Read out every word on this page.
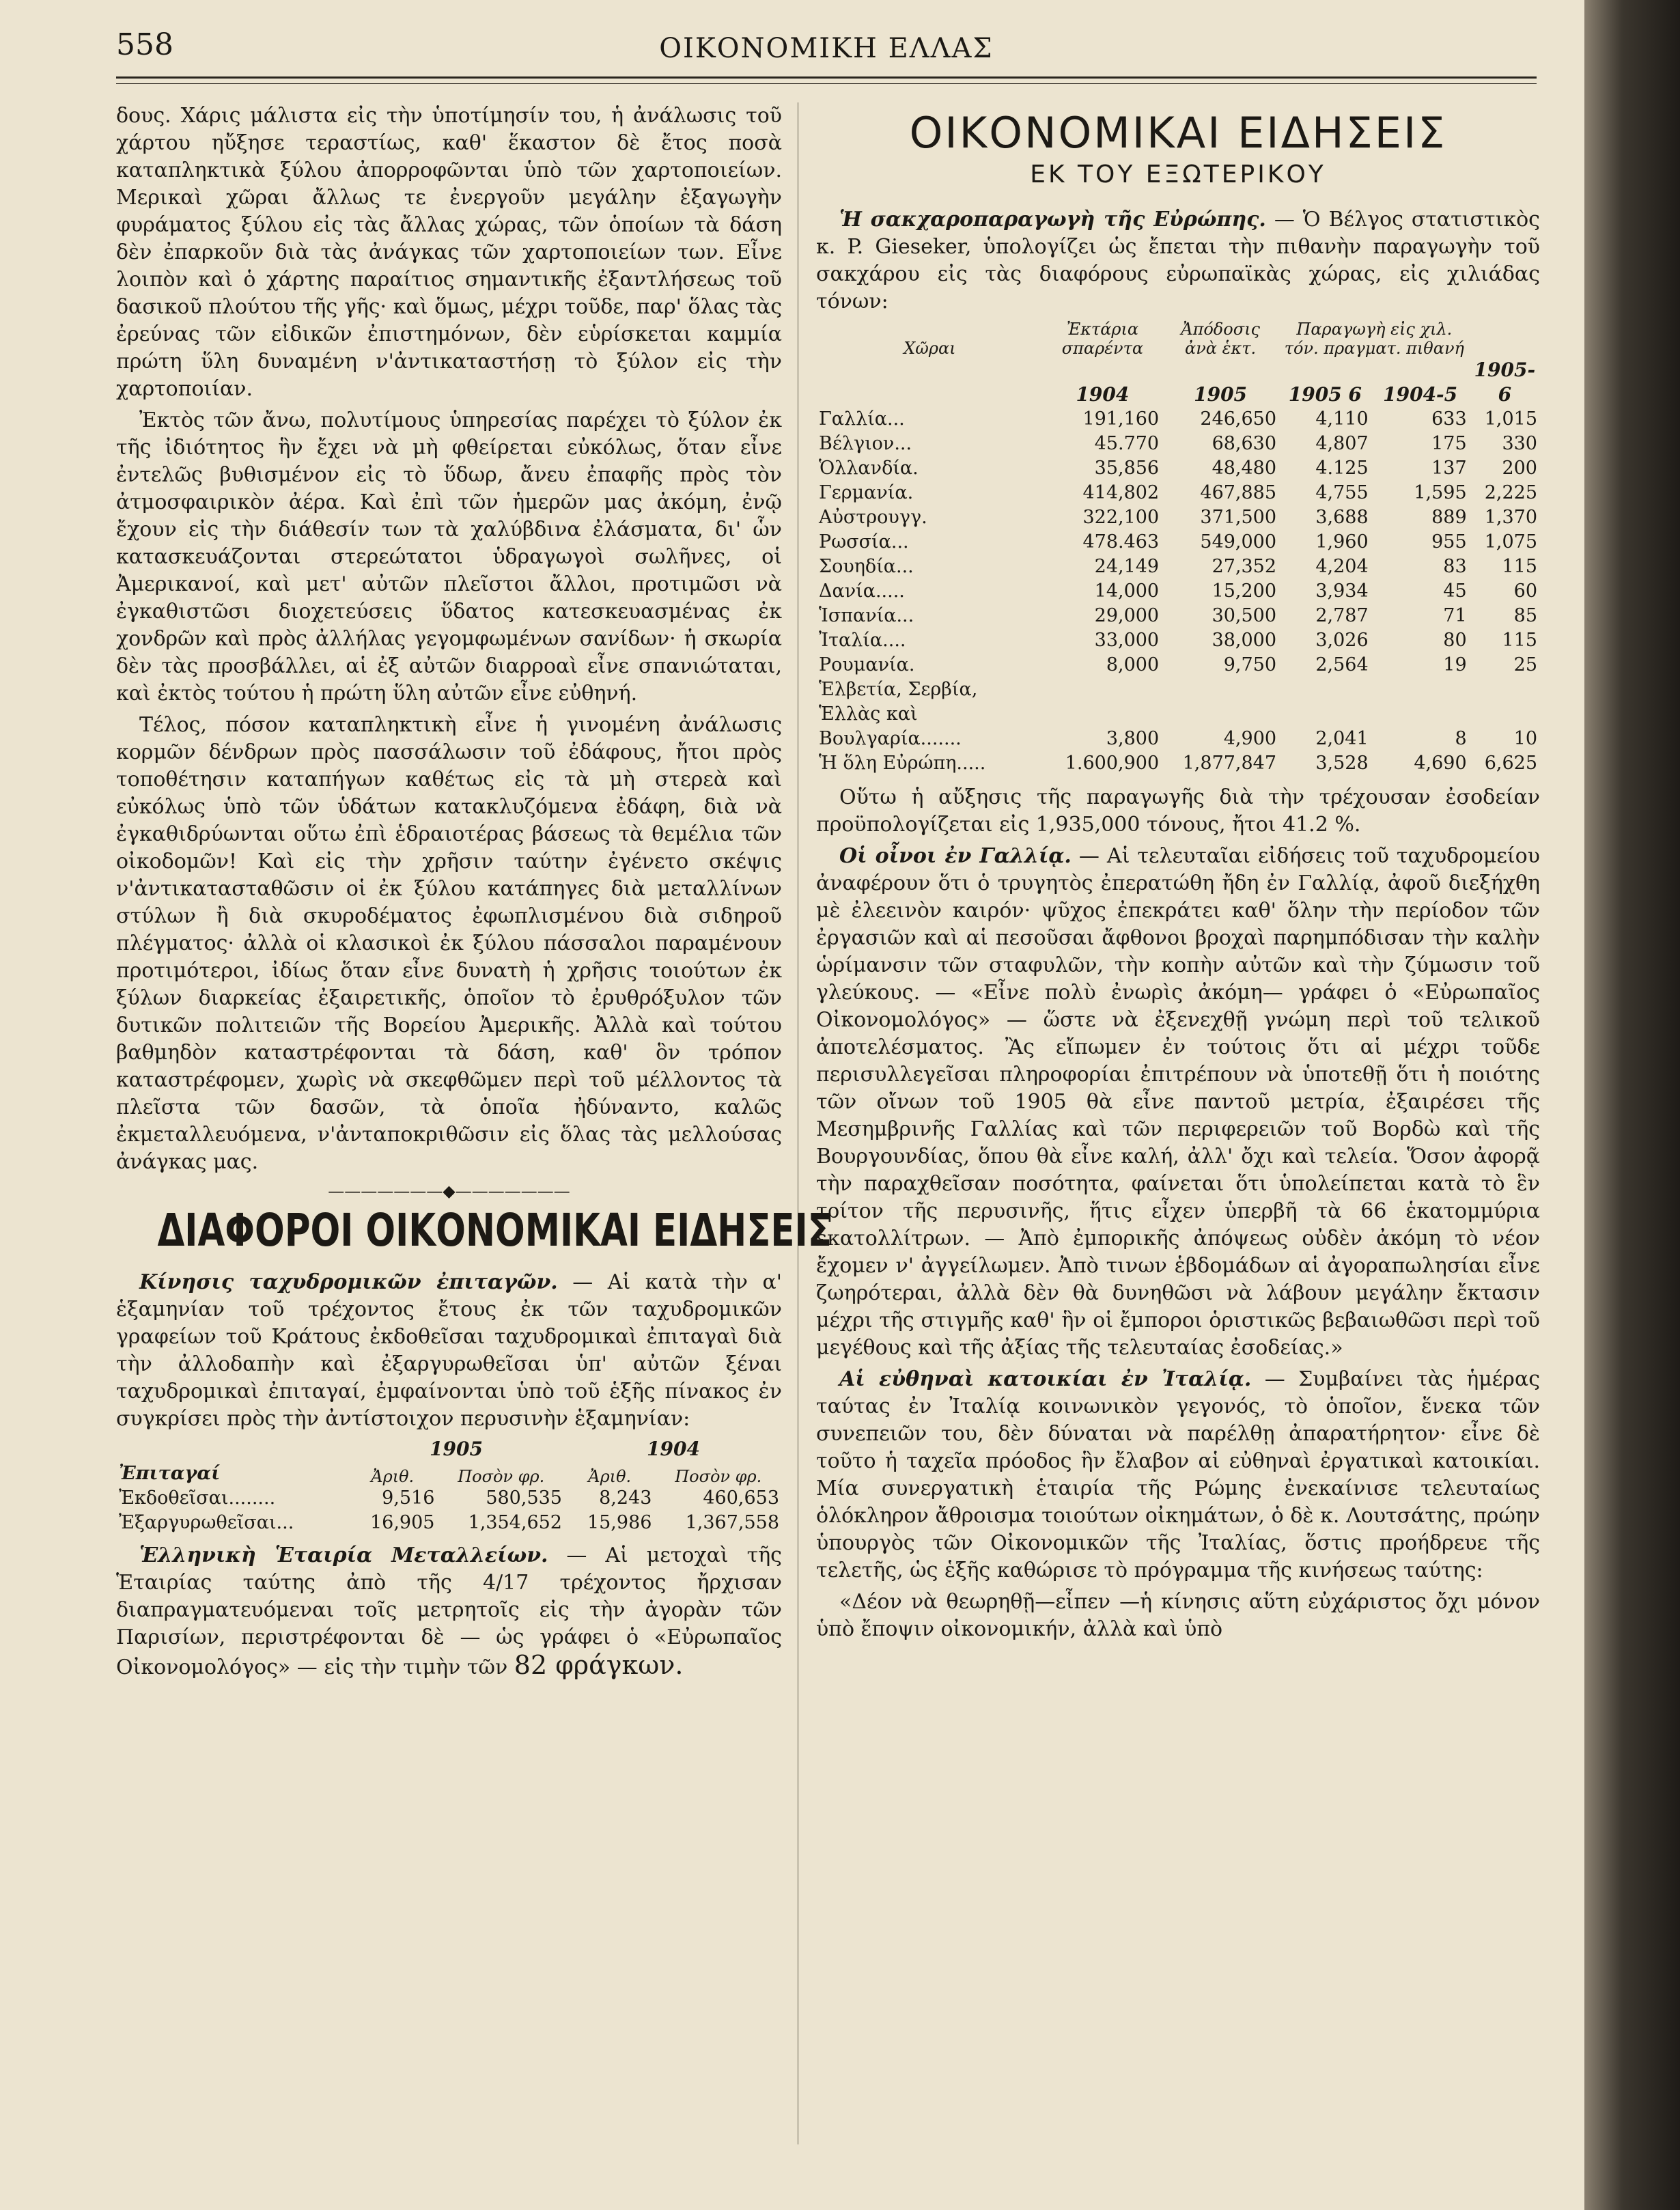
558	ΟΙΚΟΝΟΜΙΚΗ ΕΛΛΑΣ

δους. Χάρις μάλιστα εἰς τὴν ὑποτίμησίν του, ἡ ἀνάλωσις τοῦ χάρτου ηὔξησε τεραστίως, καθ' ἕκαστον δὲ ἔτος ποσὰ καταπληκτικὰ ξύλου ἀπορροφῶνται ὑπὸ τῶν χαρτοποιείων. Μερικαὶ χῶραι ἄλλως τε ἐνεργοῦν μεγάλην ἐξαγωγὴν φυράματος ξύλου εἰς τὰς ἄλλας χώρας, τῶν ὁποίων τὰ δάση δὲν ἐπαρκοῦν διὰ τὰς ἀνάγκας τῶν χαρτοποιείων των. Εἶνε λοιπὸν καὶ ὁ χάρτης παραίτιος σημαντικῆς ἐξαντλήσεως τοῦ δασικοῦ πλούτου τῆς γῆς· καὶ ὅμως, μέχρι τοῦδε, παρ' ὅλας τὰς ἐρεύνας τῶν εἰδικῶν ἐπιστημόνων, δὲν εὑρίσκεται καμμία πρώτη ὕλη δυναμένη ν'ἀντικαταστήσῃ τὸ ξύλον εἰς τὴν χαρτοποιίαν.

Ἐκτὸς τῶν ἄνω, πολυτίμους ὑπηρεσίας παρέχει τὸ ξύλον ἐκ τῆς ἰδιότητος ἣν ἔχει νὰ μὴ φθείρεται εὐκόλως, ὅταν εἶνε ἐντελῶς βυθισμένον εἰς τὸ ὕδωρ, ἄνευ ἐπαφῆς πρὸς τὸν ἀτμοσφαιρικὸν ἀέρα. Καὶ ἐπὶ τῶν ἡμερῶν μας ἀκόμη, ἐνῷ ἔχουν εἰς τὴν διάθεσίν των τὰ χαλύβδινα ἐλάσματα, δι' ὧν κατασκευάζονται στερεώτατοι ὑδραγωγοὶ σωλῆνες, οἱ Ἀμερικανοί, καὶ μετ' αὐτῶν πλεῖστοι ἄλλοι, προτιμῶσι νὰ ἐγκαθιστῶσι διοχετεύσεις ὕδατος κατεσκευασμένας ἐκ χονδρῶν καὶ πρὸς ἀλλήλας γεγομφωμένων σανίδων· ἡ σκωρία δὲν τὰς προσβάλλει, αἱ ἐξ αὐτῶν διαρροαὶ εἶνε σπανιώταται, καὶ ἐκτὸς τούτου ἡ πρώτη ὕλη αὐτῶν εἶνε εὐθηνή.

Τέλος, πόσον καταπληκτικὴ εἶνε ἡ γινομένη ἀνάλωσις κορμῶν δένδρων πρὸς πασσάλωσιν τοῦ ἐδάφους, ἤτοι πρὸς τοποθέτησιν καταπήγων καθέτως εἰς τὰ μὴ στερεὰ καὶ εὐκόλως ὑπὸ τῶν ὑδάτων κατακλυζόμενα ἐδάφη, διὰ νὰ ἐγκαθιδρύωνται οὕτω ἐπὶ ἑδραιοτέρας βάσεως τὰ θεμέλια τῶν οἰκοδομῶν! Καὶ εἰς τὴν χρῆσιν ταύτην ἐγένετο σκέψις ν'ἀντικατασταθῶσιν οἱ ἐκ ξύλου κατάπηγες διὰ μεταλλίνων στύλων ἢ διὰ σκυροδέματος ἐφωπλισμένου διὰ σιδηροῦ πλέγματος· ἀλλὰ οἱ κλασικοὶ ἐκ ξύλου πάσσαλοι παραμένουν προτιμότεροι, ἰδίως ὅταν εἶνε δυνατὴ ἡ χρῆσις τοιούτων ἐκ ξύλων διαρκείας ἐξαιρετικῆς, ὁποῖον τὸ ἐρυθρόξυλον τῶν δυτικῶν πολιτειῶν τῆς Βορείου Ἀμερικῆς. Ἀλλὰ καὶ τούτου βαθμηδὸν καταστρέφονται τὰ δάση, καθ' ὃν τρόπον καταστρέφομεν, χωρὶς νὰ σκεφθῶμεν περὶ τοῦ μέλλοντος τὰ πλεῖστα τῶν δασῶν, τὰ ὁποῖα ἠδύναντο, καλῶς ἐκμεταλλευόμενα, ν'ἀνταποκριθῶσιν εἰς ὅλας τὰς μελλούσας ἀνάγκας μας.

———————◆———————
ΔΙΑΦΟΡΟΙ ΟΙΚΟΝΟΜΙΚΑΙ ΕΙΔΗΣΕΙΣ

Κίνησις ταχυδρομικῶν ἐπιταγῶν. — Αἱ κατὰ τὴν α' ἑξαμηνίαν τοῦ τρέχοντος ἔτους ἐκ τῶν ταχυδρομικῶν γραφείων τοῦ Κράτους ἐκδοθεῖσαι ταχυδρομικαὶ ἐπιταγαὶ διὰ τὴν ἀλλοδαπὴν καὶ ἐξαργυρωθεῖσαι ὑπ' αὐτῶν ξέναι ταχυδρομικαὶ ἐπιταγαί, ἐμφαίνονται ὑπὸ τοῦ ἑξῆς πίνακος ἐν συγκρίσει πρὸς τὴν ἀντίστοιχον περυσινὴν ἑξαμηνίαν:

	1905		1904	
Ἐπιταγαί	Ἀριθ.	Ποσὸν φρ.	Ἀριθ.	Ποσὸν φρ.
Ἐκδοθεῖσαι........	9,516	580,535	8,243	460,653
Ἐξαργυρωθεῖσαι...	16,905	1,354,652	15,986	1,367,558

Ἑλληνικὴ Ἑταιρία Μεταλλείων. — Αἱ μετοχαὶ τῆς Ἑταιρίας ταύτης ἀπὸ τῆς 4/17 τρέχοντος ἤρχισαν διαπραγματευόμεναι τοῖς μετρητοῖς εἰς τὴν ἀγορὰν τῶν Παρισίων, περιστρέφονται δὲ — ὡς γράφει ὁ «Εὐρωπαῖος Οἰκονομολόγος» — εἰς τὴν τιμὴν τῶν 82 φράγκων.

ΟΙΚΟΝΟΜΙΚΑΙ ΕΙΔΗΣΕΙΣ
ΕΚ ΤΟΥ ΕΞΩΤΕΡΙΚΟΥ

Ἡ σακχαροπαραγωγὴ τῆς Εὐρώπης. — Ὁ Βέλγος στατιστικὸς κ. P. Gieseker, ὑπολογίζει ὡς ἔπεται τὴν πιθανὴν παραγωγὴν τοῦ σακχάρου εἰς τὰς διαφόρους εὐρωπαϊκὰς χώρας, εἰς χιλιάδας τόνων:

Χῶραι	Ἐκτάρια σπαρέντα	Ἀπόδοσις ἀνὰ ἑκτ.	Παραγωγὴ εἰς χιλ. τόν. πραγματ. πιθανή		
	1904	1905	1905 6	1904-5	1905-6
Γαλλία...	191,160	246,650	4,110	633	1,015
Βέλγιον...	45.770	68,630	4,807	175	330
Ὁλλανδία.	35,856	48,480	4.125	137	200
Γερμανία.	414,802	467,885	4,755	1,595	2,225
Αὐστρουγγ.	322,100	371,500	3,688	889	1,370
Ρωσσία...	478.463	549,000	1,960	955	1,075
Σουηδία...	24,149	27,352	4,204	83	115
Δανία.....	14,000	15,200	3,934	45	60
Ἱσπανία...	29,000	30,500	2,787	71	85
Ἰταλία....	33,000	38,000	3,026	80	115
Ρουμανία.	8,000	9,750	2,564	19	25
Ἑλβετία, Σερβία, Ἑλλὰς καὶ Βουλγαρία.......	3,800	4,900	2,041	8	10
Ἡ ὅλη Εὐρώπη.....	1.600,900	1,877,847	3,528	4,690	6,625

Οὕτω ἡ αὔξησις τῆς παραγωγῆς διὰ τὴν τρέχουσαν ἐσοδείαν προϋπολογίζεται εἰς 1,935,000 τόνους, ἤτοι 41.2 %.

Οἱ οἶνοι ἐν Γαλλίᾳ. — Αἱ τελευταῖαι εἰδήσεις τοῦ ταχυδρομείου ἀναφέρουν ὅτι ὁ τρυγητὸς ἐπερατώθη ἤδη ἐν Γαλλίᾳ, ἀφοῦ διεξήχθη μὲ ἐλεεινὸν καιρόν· ψῦχος ἐπεκράτει καθ' ὅλην τὴν περίοδον τῶν ἐργασιῶν καὶ αἱ πεσοῦσαι ἄφθονοι βροχαὶ παρημπόδισαν τὴν καλὴν ὡρίμανσιν τῶν σταφυλῶν, τὴν κοπὴν αὐτῶν καὶ τὴν ζύμωσιν τοῦ γλεύκους. — «Εἶνε πολὺ ἐνωρὶς ἀκόμη— γράφει ὁ «Εὐρωπαῖος Οἰκονομολόγος» — ὥστε νὰ ἐξενεχθῇ γνώμη περὶ τοῦ τελικοῦ ἀποτελέσματος. Ἂς εἴπωμεν ἐν τούτοις ὅτι αἱ μέχρι τοῦδε περισυλλεγεῖσαι πληροφορίαι ἐπιτρέπουν νὰ ὑποτεθῇ ὅτι ἡ ποιότης τῶν οἴνων τοῦ 1905 θὰ εἶνε παντοῦ μετρία, ἐξαιρέσει τῆς Μεσημβρινῆς Γαλλίας καὶ τῶν περιφερειῶν τοῦ Βορδὼ καὶ τῆς Βουργουνδίας, ὅπου θὰ εἶνε καλή, ἀλλ' ὄχι καὶ τελεία. Ὅσον ἀφορᾷ τὴν παραχθεῖσαν ποσότητα, φαίνεται ὅτι ὑπολείπεται κατὰ τὸ ἓν τρίτον τῆς περυσινῆς, ἥτις εἶχεν ὑπερβῆ τὰ 66 ἑκατομμύρια ἑκατολλίτρων. — Ἀπὸ ἐμπορικῆς ἀπόψεως οὐδὲν ἀκόμη τὸ νέον ἔχομεν ν' ἀγγείλωμεν. Ἀπὸ τινων ἑβδομάδων αἱ ἀγοραπωλησίαι εἶνε ζωηρότεραι, ἀλλὰ δὲν θὰ δυνηθῶσι νὰ λάβουν μεγάλην ἔκτασιν μέχρι τῆς στιγμῆς καθ' ἣν οἱ ἔμποροι ὁριστικῶς βεβαιωθῶσι περὶ τοῦ μεγέθους καὶ τῆς ἀξίας τῆς τελευταίας ἐσοδείας.»

Αἱ εὐθηναὶ κατοικίαι ἐν Ἰταλίᾳ. — Συμβαίνει τὰς ἡμέρας ταύτας ἐν Ἰταλίᾳ κοινωνικὸν γεγονός, τὸ ὁποῖον, ἕνεκα τῶν συνεπειῶν του, δὲν δύναται νὰ παρέλθῃ ἀπαρατήρητον· εἶνε δὲ τοῦτο ἡ ταχεῖα πρόοδος ἣν ἔλαβον αἱ εὐθηναὶ ἐργατικαὶ κατοικίαι. Μία συνεργατικὴ ἑταιρία τῆς Ρώμης ἐνεκαίνισε τελευταίως ὁλόκληρον ἄθροισμα τοιούτων οἰκημάτων, ὁ δὲ κ. Λουτσάτης, πρώην ὑπουργὸς τῶν Οἰκονομικῶν τῆς Ἰταλίας, ὅστις προήδρευε τῆς τελετῆς, ὡς ἑξῆς καθώρισε τὸ πρόγραμμα τῆς κινήσεως ταύτης:

«Δέον νὰ θεωρηθῇ—εἶπεν —ἡ κίνησις αὕτη εὐχάριστος ὄχι μόνον ὑπὸ ἔποψιν οἰκονομικήν, ἀλλὰ καὶ ὑπὸ
